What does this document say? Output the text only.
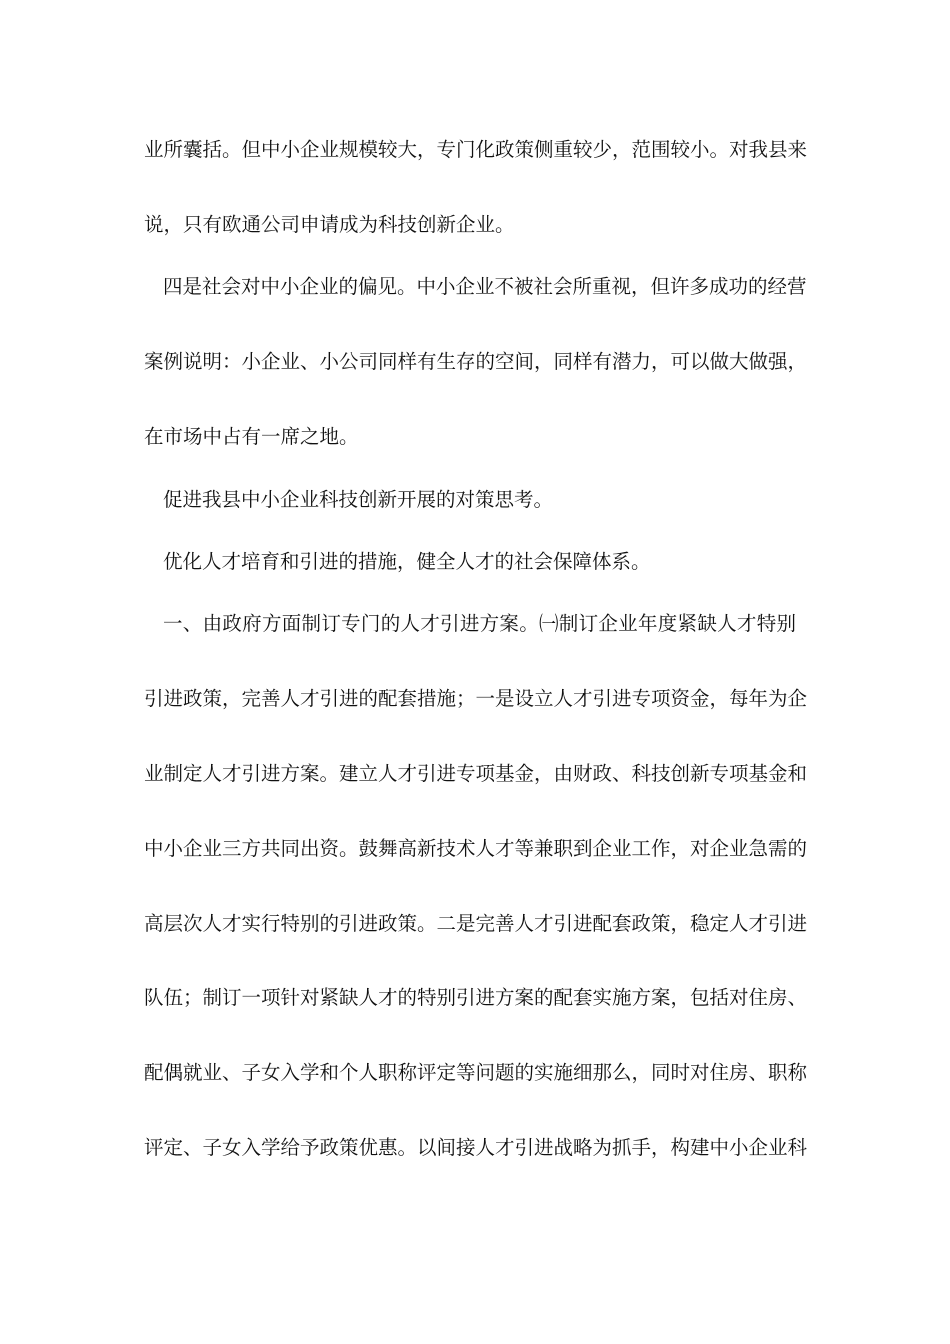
业所囊括。但中小企业规模较大，专门化政策侧重较少，范围较小。对我县来
说，只有欧通公司申请成为科技创新企业。
四是社会对中小企业的偏见。中小企业不被社会所重视，但许多成功的经营
案例说明：小企业、小公司同样有生存的空间，同样有潜力，可以做大做强，
在市场中占有一席之地。
促进我县中小企业科技创新开展的对策思考。
优化人才培育和引进的措施，健全人才的社会保障体系。
一、由政府方面制订专门的人才引进方案。㈠制订企业年度紧缺人才特别
引进政策，完善人才引进的配套措施；一是设立人才引进专项资金，每年为企
业制定人才引进方案。建立人才引进专项基金，由财政、科技创新专项基金和
中小企业三方共同出资。鼓舞高新技术人才等兼职到企业工作，对企业急需的
高层次人才实行特别的引进政策。二是完善人才引进配套政策，稳定人才引进
队伍；制订一项针对紧缺人才的特别引进方案的配套实施方案，包括对住房、
配偶就业、子女入学和个人职称评定等问题的实施细那么，同时对住房、职称
评定、子女入学给予政策优惠。以间接人才引进战略为抓手，构建中小企业科
